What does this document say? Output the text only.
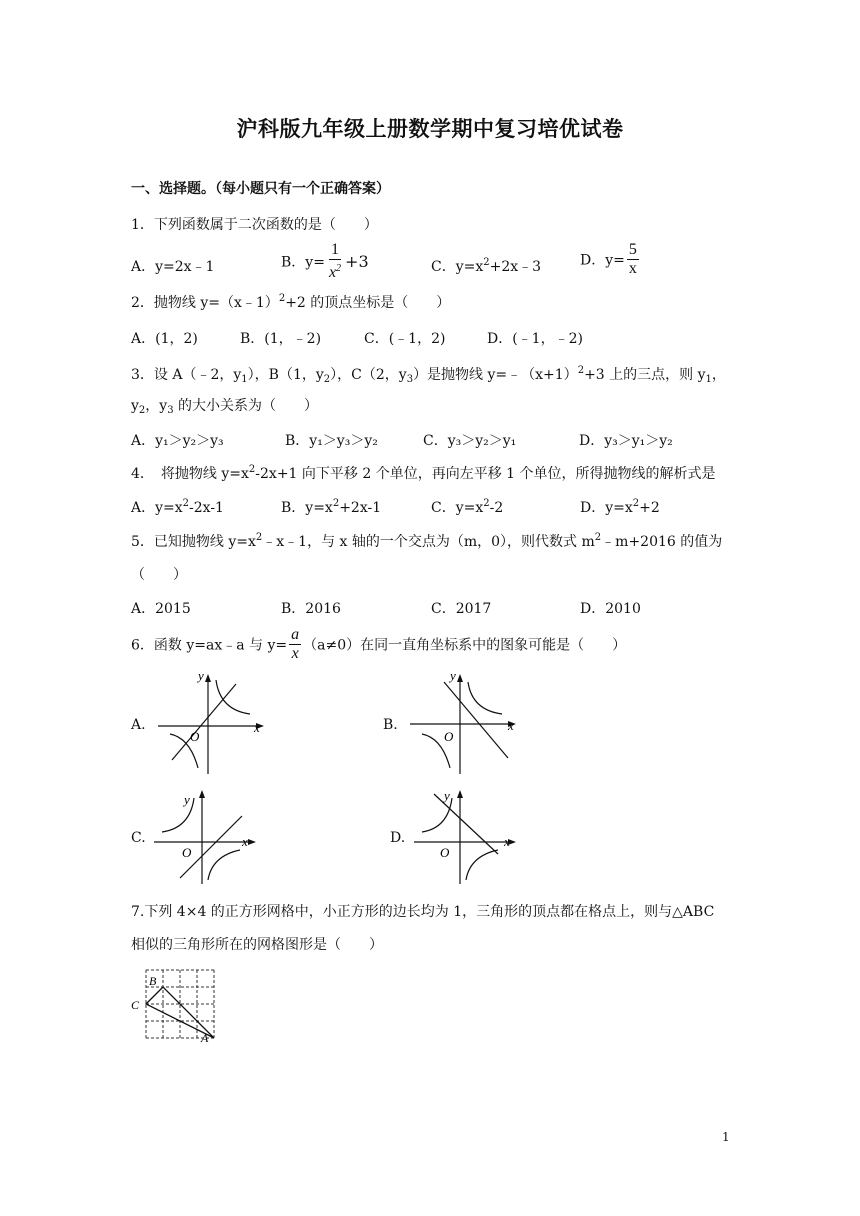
沪科版九年级上册数学期中复习培优试卷
一、选择题。（每小题只有一个正确答案）
1．下列函数属于二次函数的是（　　）
A．y=2x﹣1	B．$y= \frac{1}{x^2} +3$	C．$y=x^2+2x﹣3$	D．$y= \frac{5}{x}$
2．抛物线 y=（x﹣1）$^2$+2 的顶点坐标是（　　）
A．(1，2)	B．(1，﹣2)	C．(﹣1，2)	D．(﹣1，﹣2)
3．设 A（﹣2，$y_1$），B（1，$y_2$），C（2，$y_3$）是抛物线 $y=﹣(x+1)^2+3$ 上的三点，则 $y_1$，
$y_2$，$y_3$ 的大小关系为（　　）
A．y₁＞y₂＞y₃	B．y₁＞y₃＞y₂	C．y₃＞y₂＞y₁	D．y₃＞y₁＞y₂
4．　将抛物线 $y=x^2-2x+1$ 向下平移 2 个单位，再向左平移 1 个单位，所得抛物线的解析式是
A．$y=x^2-2x-1$	B．$y=x^2+2x-1$	C．$y=x^2-2$	D．$y=x^2+2$
5．已知抛物线 $y=x^2﹣x﹣1$，与 x 轴的一个交点为（m，0），则代数式 $m^2﹣m+2016$ 的值为
（　　）
A．2015	B．2016	C．2017	D．2010
6．函数 y=ax﹣a 与 $y= \frac{a}{x} (a\ne 0)$在同一直角坐标系中的图象可能是（　　）
A.
y
x
O
B.
y
x
O
C.
y
x
O
D.
y
x
O
7.下列 4×4 的正方形网格中，小正方形的边长均为 1，三角形的顶点都在格点上，则与△ABC
相似的三角形所在的网格图形是（　　）
B
C
A
1
